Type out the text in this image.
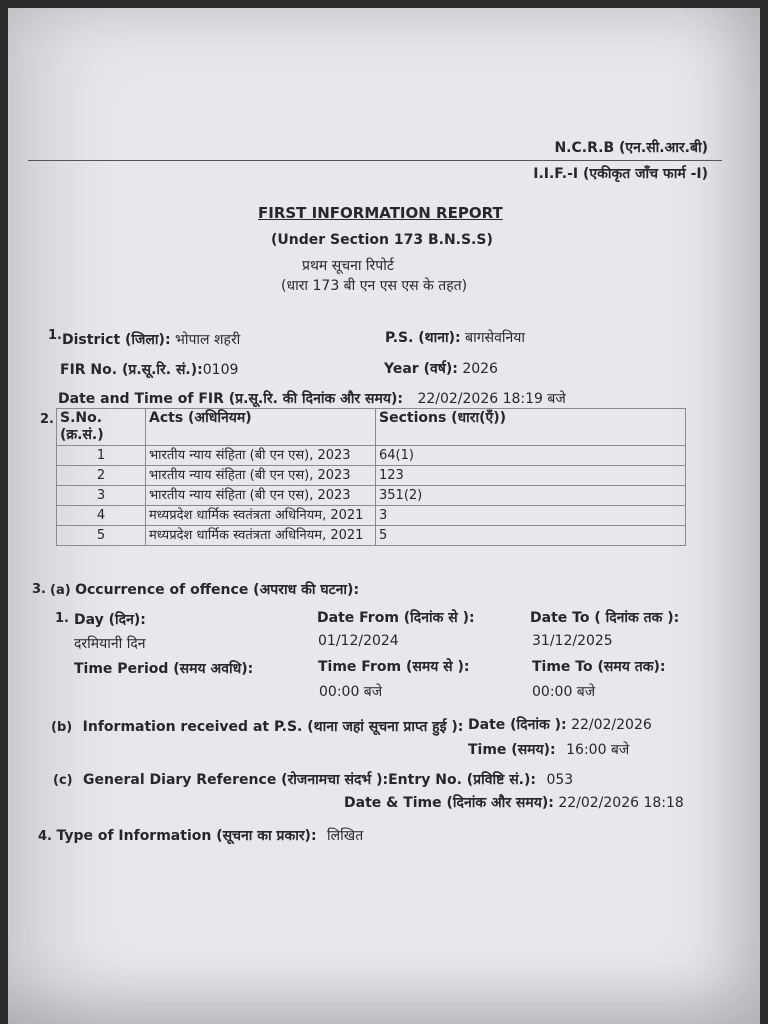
N.C.R.B (एन.सी.आर.बी)
I.I.F.-I (एकीकृत जाँच फार्म -I)
FIRST INFORMATION REPORT
(Under Section 173 B.N.S.S)
प्रथम सूचना रिपोर्ट
(धारा 173 बी एन एस एस के तहत)
1. District (जिला): भोपाल शहरी	P.S. (थाना): बागसेवनिया
FIR No. (प्र.सू.रि. सं.):0109	Year (वर्ष): 2026
Date and Time of FIR (प्र.सू.रि. की दिनांक और समय): 22/02/2026 18:19 बजे
2. S.No. (क्र.सं.)	Acts (अधिनियम)	Sections (धारा(एँ))
1	भारतीय न्याय संहिता (बी एन एस), 2023	64(1)
2	भारतीय न्याय संहिता (बी एन एस), 2023	123
3	भारतीय न्याय संहिता (बी एन एस), 2023	351(2)
4	मध्यप्रदेश धार्मिक स्वतंत्रता अधिनियम, 2021	3
5	मध्यप्रदेश धार्मिक स्वतंत्रता अधिनियम, 2021	5
3. (a) Occurrence of offence (अपराध की घटना):
1. Day (दिन):
दरमियानी दिन
Date From (दिनांक से ):
01/12/2024
Date To ( दिनांक तक ):
31/12/2025
Time Period (समय अवधि):	Time From (समय से ):
00:00 बजे
Time To (समय तक):
00:00 बजे
(b) Information received at P.S. (थाना जहां सूचना प्राप्त हुई ): Date (दिनांक ): 22/02/2026
Time (समय): 16:00 बजे
(c) General Diary Reference (रोजनामचा संदर्भ ):Entry No. (प्रविष्टि सं.): 053
Date & Time (दिनांक और समय): 22/02/2026 18:18
4. Type of Information (सूचना का प्रकार): लिखित
